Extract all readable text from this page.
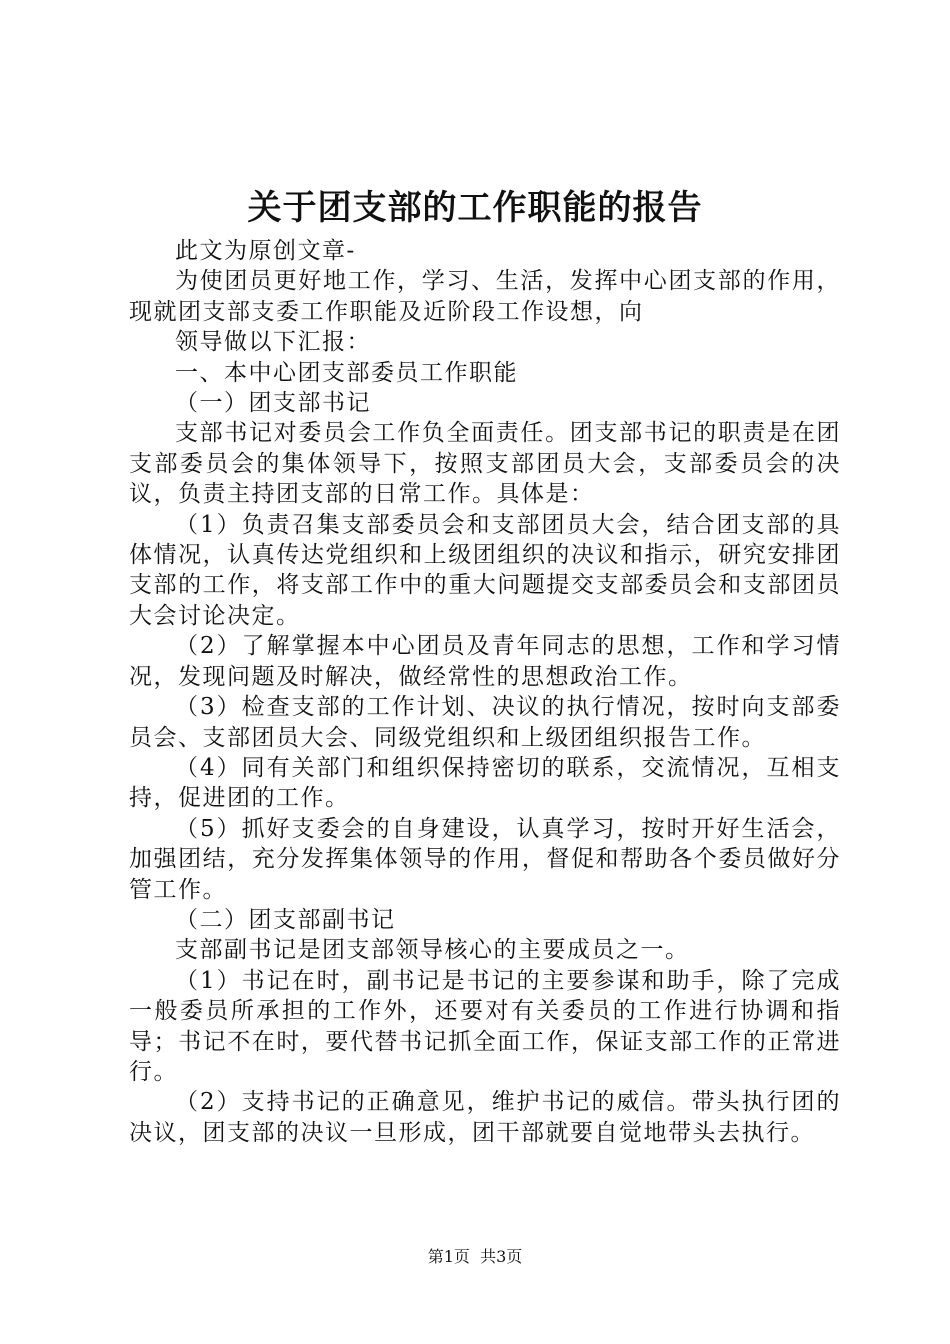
关于团支部的工作职能的报告

此文为原创文章-

为使团员更好地工作，学习、生活，发挥中心团支部的作用，现就团支部支委工作职能及近阶段工作设想，向

领导做以下汇报：

一、本中心团支部委员工作职能

（一）团支部书记

支部书记对委员会工作负全面责任。团支部书记的职责是在团支部委员会的集体领导下，按照支部团员大会，支部委员会的决议，负责主持团支部的日常工作。具体是：

（1）负责召集支部委员会和支部团员大会，结合团支部的具体情况，认真传达党组织和上级团组织的决议和指示，研究安排团支部的工作，将支部工作中的重大问题提交支部委员会和支部团员大会讨论决定。

（2）了解掌握本中心团员及青年同志的思想，工作和学习情况，发现问题及时解决，做经常性的思想政治工作。

（3）检查支部的工作计划、决议的执行情况，按时向支部委员会、支部团员大会、同级党组织和上级团组织报告工作。

（4）同有关部门和组织保持密切的联系，交流情况，互相支持，促进团的工作。

（5）抓好支委会的自身建设，认真学习，按时开好生活会，加强团结，充分发挥集体领导的作用，督促和帮助各个委员做好分管工作。

（二）团支部副书记

支部副书记是团支部领导核心的主要成员之一。

（1）书记在时，副书记是书记的主要参谋和助手，除了完成一般委员所承担的工作外，还要对有关委员的工作进行协调和指导；书记不在时，要代替书记抓全面工作，保证支部工作的正常进行。

（2）支持书记的正确意见，维护书记的威信。带头执行团的决议，团支部的决议一旦形成，团干部就要自觉地带头去执行。

第1页  共3页
